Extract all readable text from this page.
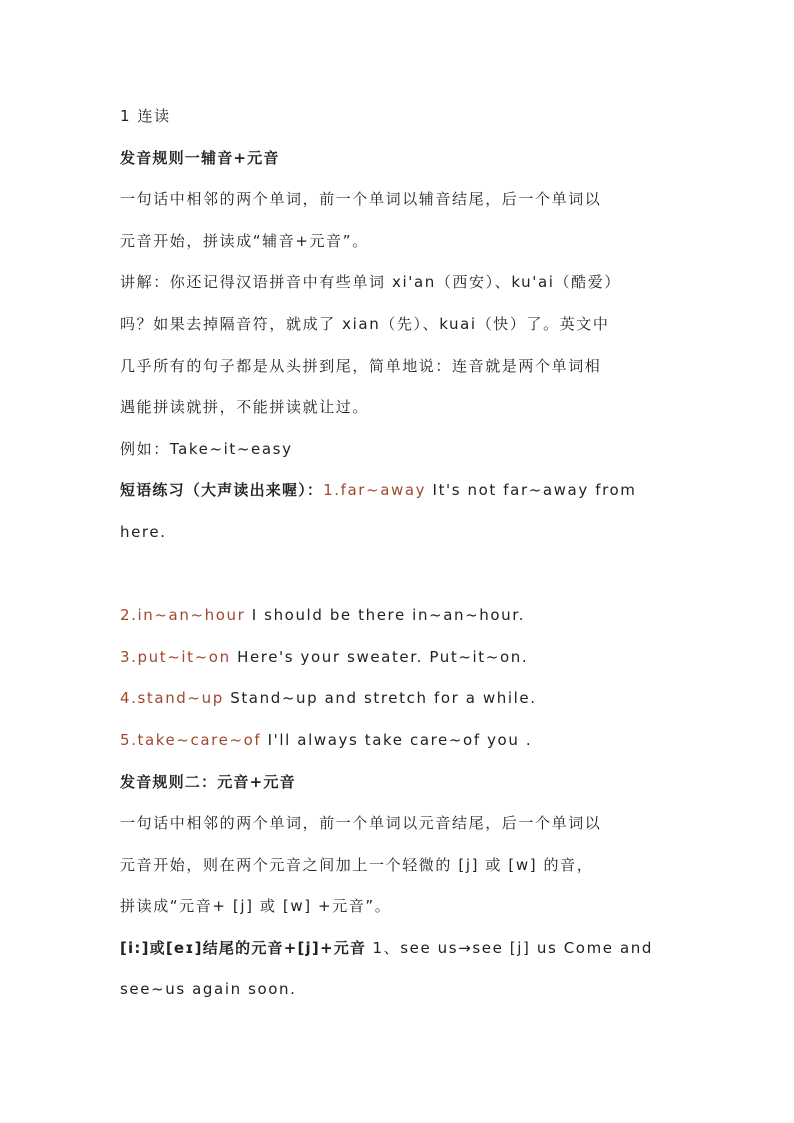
1 连读
发音规则一辅音+元音
一句话中相邻的两个单词，前一个单词以辅音结尾，后一个单词以
元音开始，拼读成“辅音+元音”。
讲解：你还记得汉语拼音中有些单词 xi'an（西安）、ku'ai（酷爱）
吗？如果去掉隔音符，就成了 xian（先）、kuai（快）了。英文中
几乎所有的句子都是从头拼到尾，简单地说：连音就是两个单词相
遇能拼读就拼，不能拼读就让过。
例如：Take~it~easy
短语练习（大声读出来喔）：1.far~away It's not far~away from
here.
2.in~an~hour I should be there in~an~hour.
3.put~it~on Here's your sweater. Put~it~on.
4.stand~up Stand~up and stretch for a while.
5.take~care~of I'll always take care~of you .
发音规则二：元音+元音
一句话中相邻的两个单词，前一个单词以元音结尾，后一个单词以
元音开始，则在两个元音之间加上一个轻微的 [j] 或 [w] 的音，
拼读成“元音+ [j] 或 [w] +元音”。
[i:]或[eɪ]结尾的元音+[j]+元音 1、see us→see [j] us Come and
see~us again soon.
